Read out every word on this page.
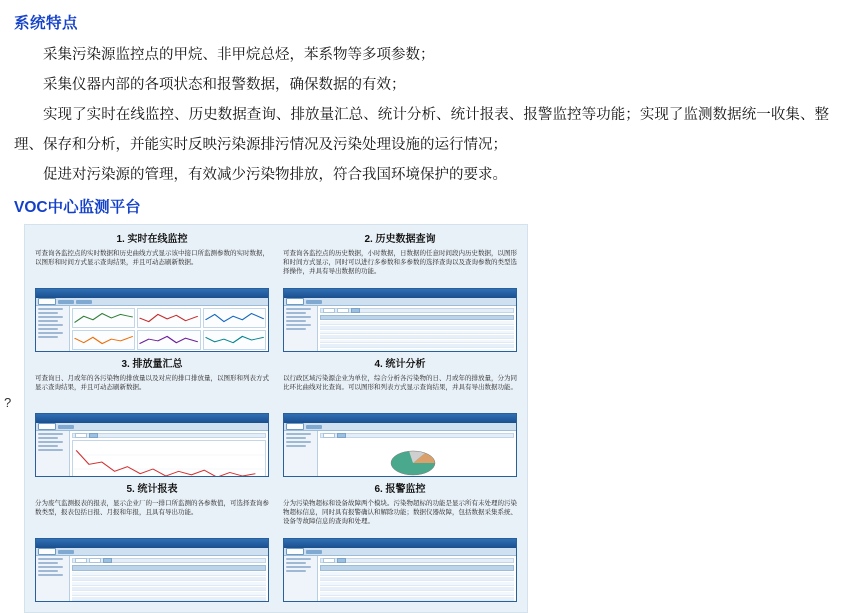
系统特点

采集污染源监控点的甲烷、非甲烷总烃，苯系物等多项参数；

采集仪器内部的各项状态和报警数据，确保数据的有效；

实现了实时在线监控、历史数据查询、排放量汇总、统计分析、统计报表、报警监控等功能；实现了监测数据统一收集、整理、保存和分析，并能实时反映污染源排污情况及污染处理设施的运行情况；

促进对污染源的管理，有效减少污染物排放，符合我国环境保护的要求。

VOC中心监测平台
?
1. 实时在线监控
可查询各监控点的实时数据和历史曲线方式显示该中接口所监测参数的实时数据，以图形和时间方式显示查询结果，并且可动态刷新数据。
2. 历史数据查询
可查询各监控点的历史数据，小时数据，日数据的任意时间段内历史数据，以图形和时间方式显示，同时可以进行多参数和多参数的选择查询以及查询参数的类型选择操作，并具有导出数据的功能。
3. 排放量汇总
可查询日、月或年的各污染物的排放量以及对应的排口排放量，以图形和列表方式显示查询结果，并且可动态刷新数据。
4. 统计分析
以行政区域污染源企业为单位，综合分析各污染物的日、月或年的排放量，分为同比环比曲线对比查询。可以图形和列表方式显示查询结果，并具有导出数据功能。
5. 统计报表
分为废气监测报表的报表，显示企业厂的一排口所监测的各参数值，可选择查询参数类型，报表包括日报、月报和年报，且具有导出功能。
6. 报警监控
分为污染物超标和设备故障两个模块。污染物超标的功能是显示所有未处理的污染物超标信息，同时具有报警确认和解除功能；数据仪器故障，包括数据采集系统、设备等故障信息的查询和处理。
